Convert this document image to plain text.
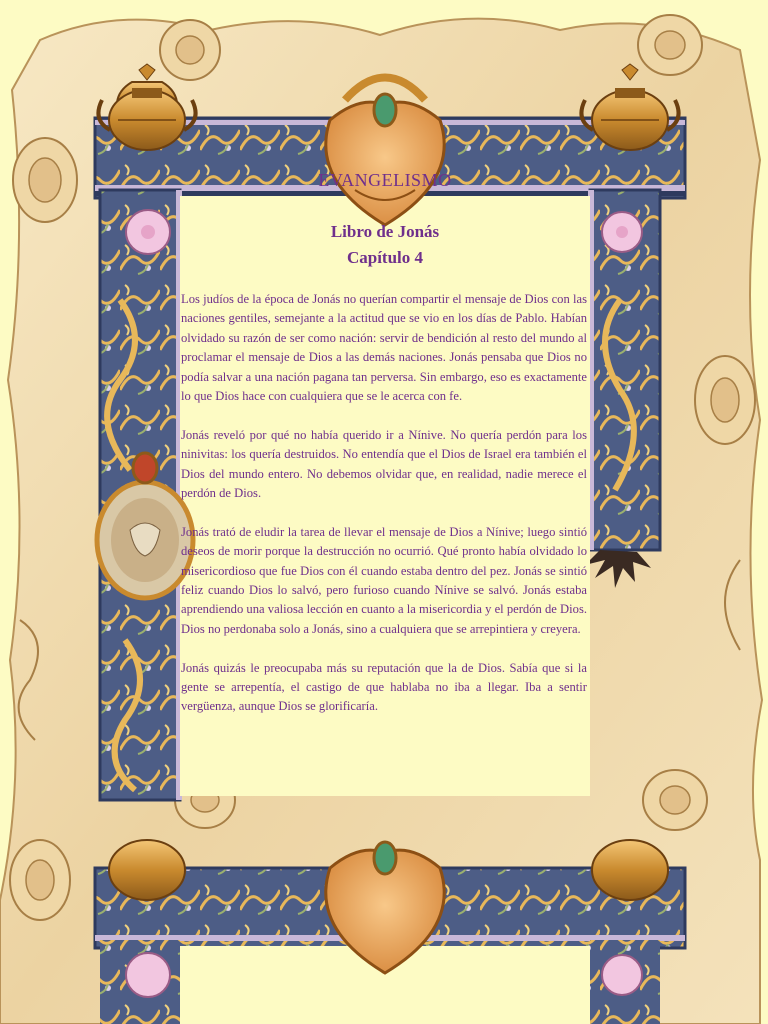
EVANGELISMO
Libro de Jonás
Capítulo 4

Los judíos de la época de Jonás no querían compartir el mensaje de Dios con las naciones gentiles, semejante a la actitud que se vio en los días de Pablo. Habían olvidado su razón de ser como nación: servir de bendición al resto del mundo al proclamar el mensaje de Dios a las demás naciones. Jonás pensaba que Dios no podía salvar a una nación pagana tan perversa. Sin embargo, eso es exactamente lo que Dios hace con cualquiera que se le acerca con fe.

Jonás reveló por qué no había querido ir a Nínive. No quería perdón para los ninivitas: los quería destruidos. No entendía que el Dios de Israel era también el Dios del mundo entero. No debemos olvidar que, en realidad, nadie merece el perdón de Dios.

Jonás trató de eludir la tarea de llevar el mensaje de Dios a Nínive; luego sintió deseos de morir porque la destrucción no ocurrió. Qué pronto había olvidado lo misericordioso que fue Dios con él cuando estaba dentro del pez. Jonás se sintió feliz cuando Dios lo salvó, pero furioso cuando Nínive se salvó. Jonás estaba aprendiendo una valiosa lección en cuanto a la misericordia y el perdón de Dios. Dios no perdonaba solo a Jonás, sino a cualquiera que se arrepintiera y creyera.

Jonás quizás le preocupaba más su reputación que la de Dios. Sabía que si la gente se arrepentía, el castigo de que hablaba no iba a llegar. Iba a sentir vergüenza, aunque Dios se glorificaría.
